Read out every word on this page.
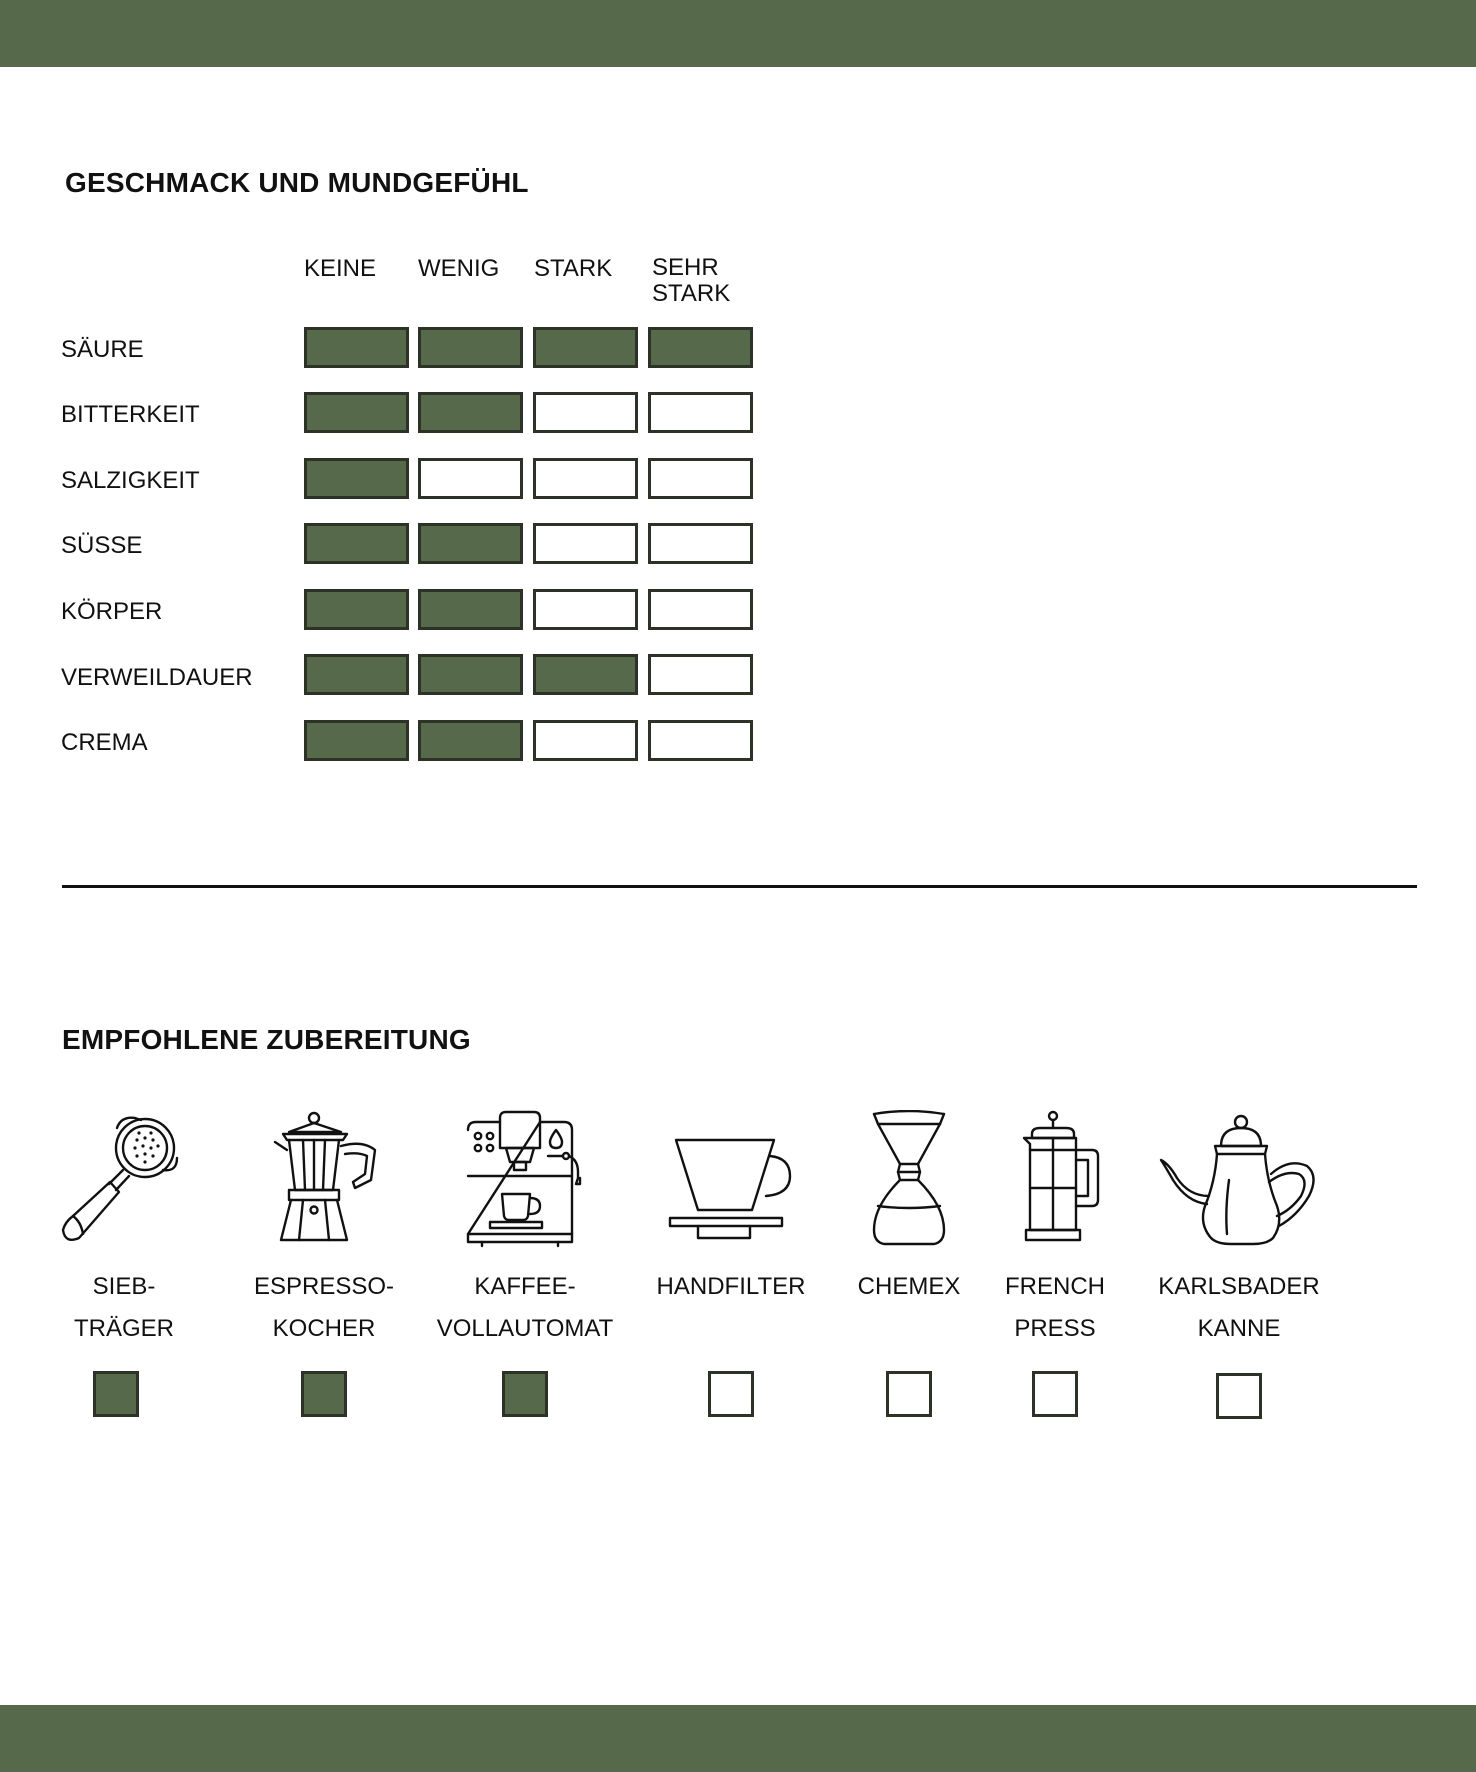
GESCHMACK UND MUNDGEFÜHL
KEINE WENIG STARK SEHR
STARK
SÄURE
BITTERKEIT
SALZIGKEIT
SÜSSE
KÖRPER
VERWEILDAUER
CREMA
EMPFOHLENE ZUBEREITUNG
SIEB-
TRÄGER
ESPRESSO-
KOCHER
KAFFEE-
VOLLAUTOMAT
HANDFILTER	CHEMEX	FRENCH
PRESS
KARLSBADER
KANNE
